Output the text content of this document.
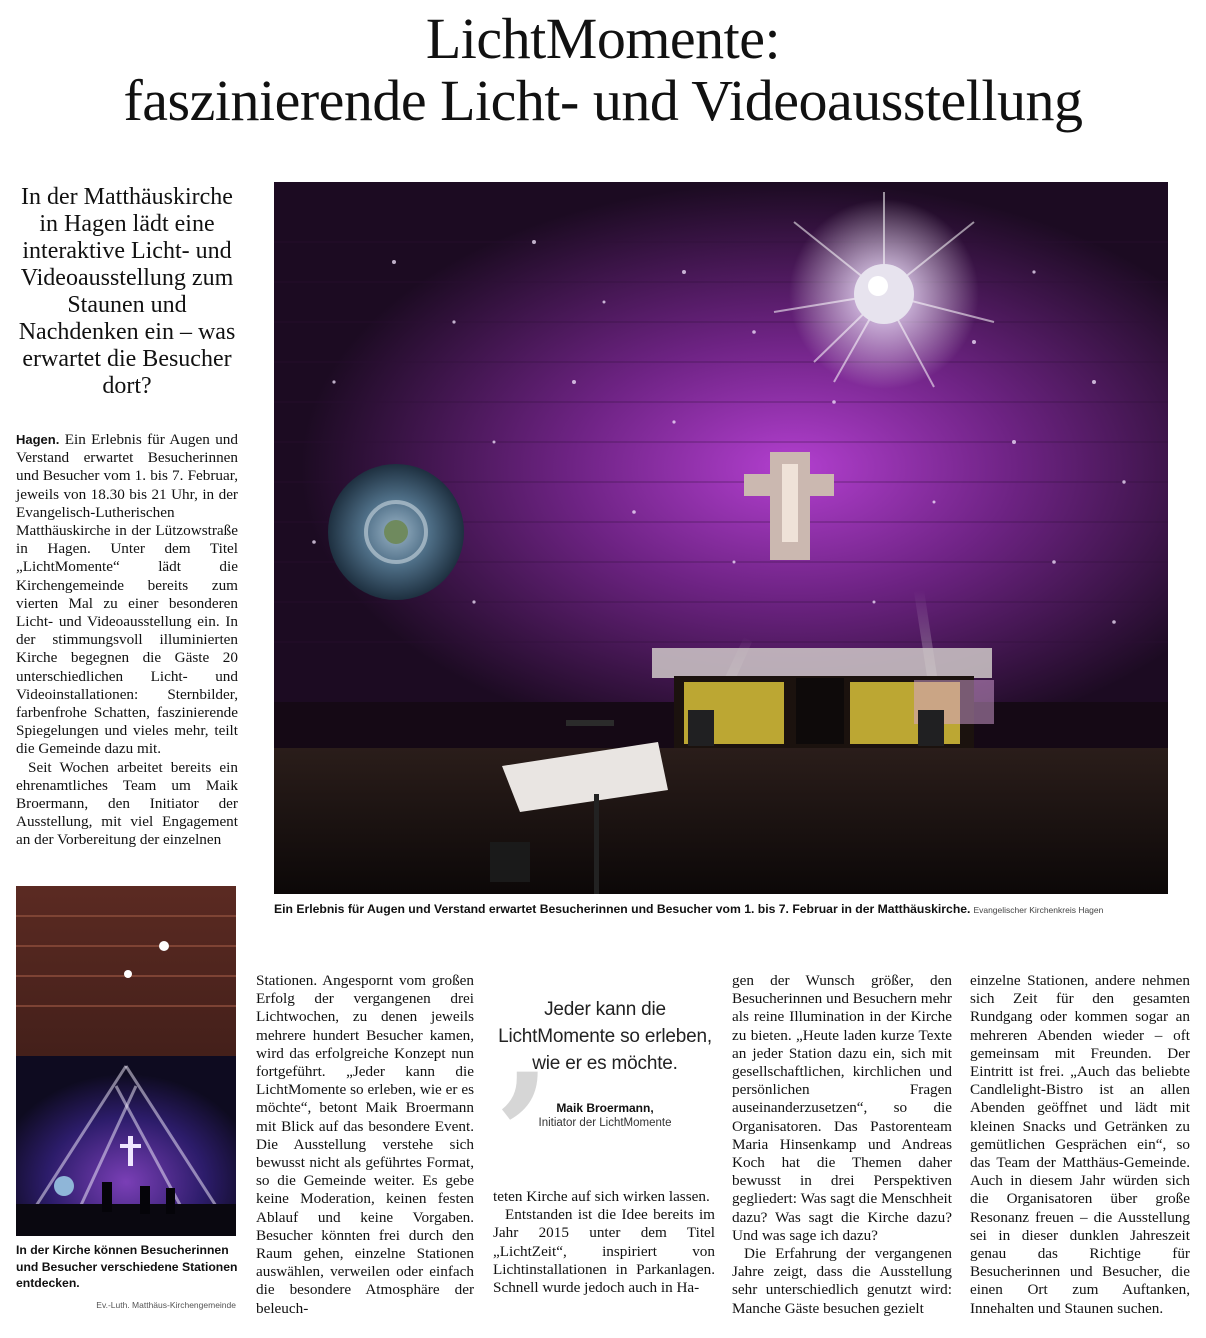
LichtMomente:
faszinierende Licht- und Videoausstellung
In der Matthäuskirche in Hagen lädt eine interaktive Licht- und Videoausstellung zum Staunen und Nachdenken ein – was erwartet die Besucher dort?

Hagen. Ein Erlebnis für Augen und Verstand erwartet Besucherinnen und Besucher vom 1. bis 7. Februar, jeweils von 18.30 bis 21 Uhr, in der Evangelisch-Lutherischen Matthäuskirche in der Lützowstraße in Hagen. Unter dem Titel „LichtMomente“ lädt die Kirchengemeinde bereits zum vierten Mal zu einer besonderen Licht- und Videoausstellung ein. In der stimmungsvoll illuminierten Kirche begegnen die Gäste 20 unterschiedlichen Licht- und Videoinstallationen: Sternbilder, farbenfrohe Schatten, faszinierende Spiegelungen und vieles mehr, teilt die Gemeinde dazu mit.

Seit Wochen arbeitet bereits ein ehrenamtliches Team um Maik Broermann, den Initiator der Ausstellung, mit viel Engagement an der Vorbereitung der einzelnen

Ein Erlebnis für Augen und Verstand erwartet Besucherinnen und Besucher vom 1. bis 7. Februar in der Matthäuskirche. Evangelischer Kirchenkreis Hagen
In der Kirche können Besucherinnen und Besucher verschiedene Stationen entdecken.
Ev.-Luth. Matthäus-Kirchengemeinde

Stationen. Angespornt vom großen Erfolg der vergangenen drei Lichtwochen, zu denen jeweils mehrere hundert Besucher kamen, wird das erfolgreiche Konzept nun fortgeführt. „Jeder kann die LichtMomente so erleben, wie er es möchte“, betont Maik Broermann mit Blick auf das besondere Event. Die Ausstellung verstehe sich bewusst nicht als geführtes Format, so die Gemeinde weiter. Es gebe keine Moderation, keinen festen Ablauf und keine Vorgaben. Besucher könnten frei durch den Raum gehen, einzelne Stationen auswählen, verweilen oder einfach die besondere Atmosphäre der beleuch-

,
Jeder kann die LichtMomente so erleben, wie er es möchte.
Maik Broermann,
Initiator der LichtMomente

teten Kirche auf sich wirken lassen.

Entstanden ist die Idee bereits im Jahr 2015 unter dem Titel „LichtZeit“, inspiriert von Lichtinstallationen in Parkanlagen. Schnell wurde jedoch auch in Ha-

gen der Wunsch größer, den Besucherinnen und Besuchern mehr als reine Illumination in der Kirche zu bieten. „Heute laden kurze Texte an jeder Station dazu ein, sich mit gesellschaftlichen, kirchlichen und persönlichen Fragen auseinanderzusetzen“, so die Organisatoren. Das Pastorenteam Maria Hinsenkamp und Andreas Koch hat die Themen daher bewusst in drei Perspektiven gegliedert: Was sagt die Menschheit dazu? Was sagt die Kirche dazu? Und was sage ich dazu?

Die Erfahrung der vergangenen Jahre zeigt, dass die Ausstellung sehr unterschiedlich genutzt wird: Manche Gäste besuchen gezielt

einzelne Stationen, andere nehmen sich Zeit für den gesamten Rundgang oder kommen sogar an mehreren Abenden wieder – oft gemeinsam mit Freunden. Der Eintritt ist frei. „Auch das beliebte Candlelight-Bistro ist an allen Abenden geöffnet und lädt mit kleinen Snacks und Getränken zu gemütlichen Gesprächen ein“, so das Team der Matthäus-Gemeinde. Auch in diesem Jahr würden sich die Organisatoren über große Resonanz freuen – die Ausstellung sei in dieser dunklen Jahreszeit genau das Richtige für Besucherinnen und Besucher, die einen Ort zum Auftanken, Innehalten und Staunen suchen.
